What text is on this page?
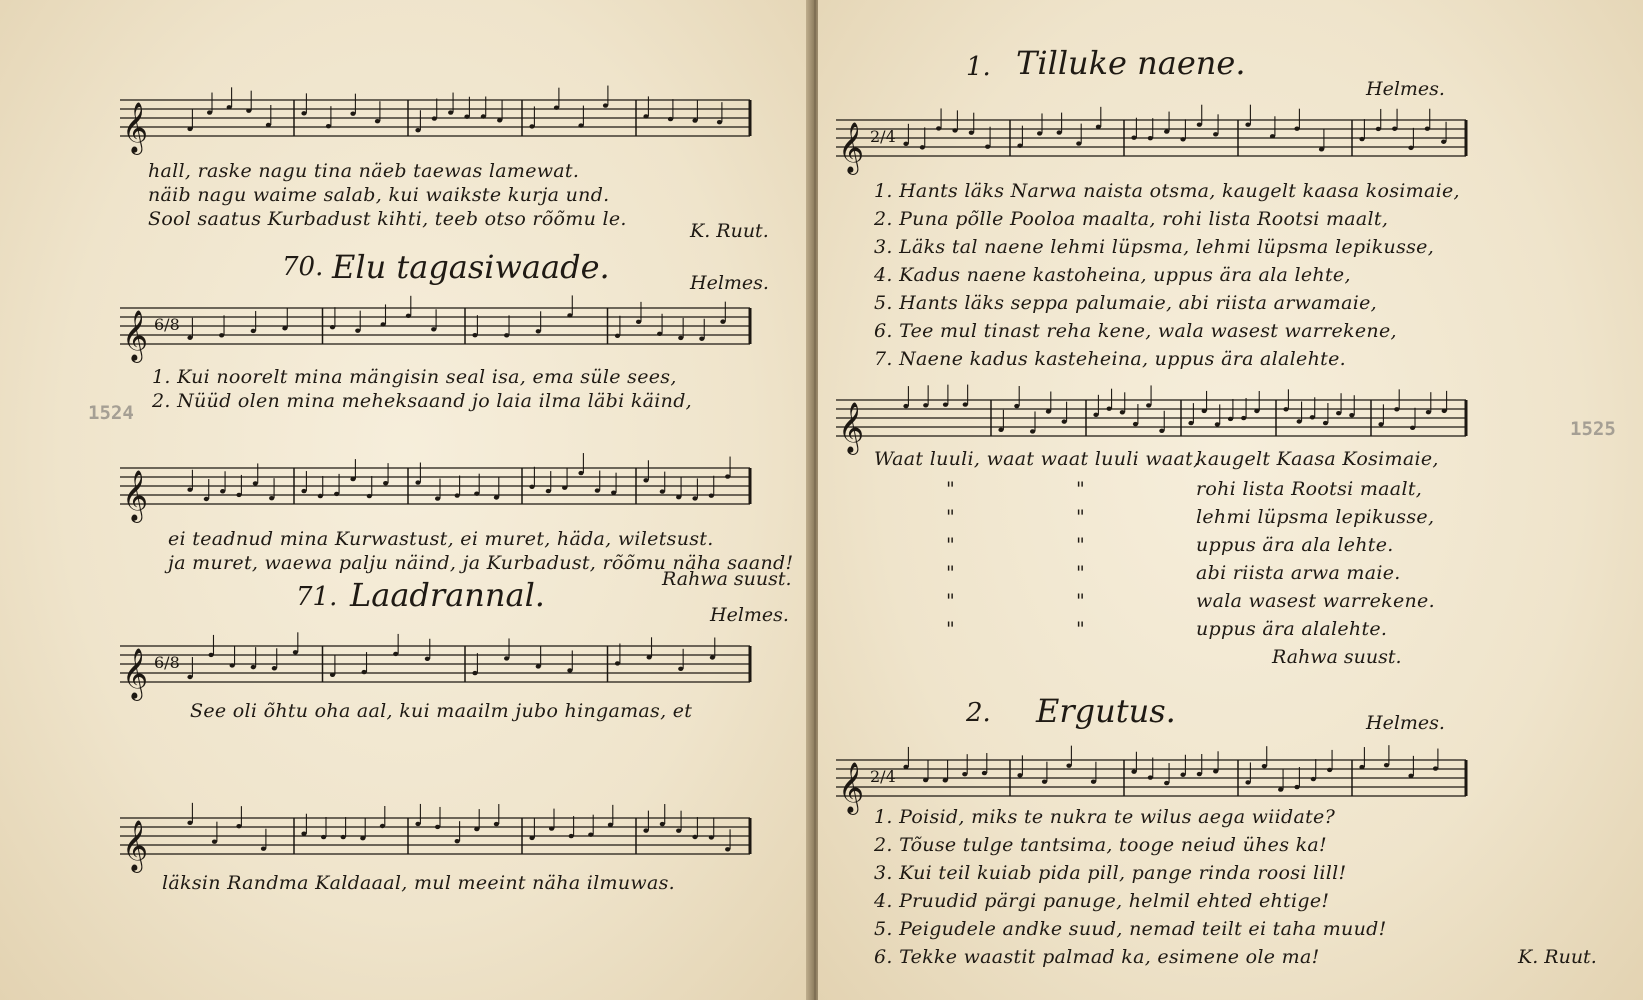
1524
𝄞
hall, raske nagu tina näeb taewas lamewat.
näib nagu waime salab, kui waikste kurja und.
Sool saatus Kurbadust kihti, teeb otso rõõmu le.
K. Ruut.
70. Elu tagasiwaade.	Helmes.
𝄞 6/8
1. Kui noorelt mina mängisin seal isa, ema süle sees,
2. Nüüd olen mina meheksaand jo laia ilma läbi käind,
𝄞
ei teadnud mina Kurwastust, ei muret, häda, wiletsust.
ja muret, waewa palju näind, ja Kurbadust, rõõmu näha saand!
Rahwa suust.
71. Laadrannal.
Helmes.
𝄞 6/8
See oli õhtu oha aal, kui maailm jubo hingamas, et
𝄞
läksin Randma Kaldaaal, mul meeint näha ilmuwas.
1525
1. Tilluke naene.
Helmes.
𝄞 2/4
1. Hants läks Narwa naista otsma, kaugelt kaasa kosimaie,
2. Puna põlle Pooloa maalta, rohi lista Rootsi maalt,
3. Läks tal naene lehmi lüpsma, lehmi lüpsma lepikusse,
4. Kadus naene kastoheina, uppus ära ala lehte,
5. Hants läks seppa palumaie, abi riista arwamaie,
6. Tee mul tinast reha kene, wala wasest warrekene,
7. Naene kadus kasteheina, uppus ära alalehte.
𝄞
Waat luuli, waat waat luuli waat,
kaugelt Kaasa Kosimaie,
"	"	rohi lista Rootsi maalt,
"	"	lehmi lüpsma lepikusse,
"	"	uppus ära ala lehte.
"	"	abi riista arwa maie.
"	"	wala wasest warrekene.
"	"	uppus ära alalehte.
Rahwa suust.
2. Ergutus.	Helmes.
𝄞 2/4
1. Poisid, miks te nukra te wilus aega wiidate?
2. Tõuse tulge tantsima, tooge neiud ühes ka!
3. Kui teil kuiab pida pill, pange rinda roosi lill!
4. Pruudid pärgi panuge, helmil ehted ehtige!
5. Peigudele andke suud, nemad teilt ei taha muud!
6. Tekke waastit palmad ka, esimene ole ma!	K. Ruut.
